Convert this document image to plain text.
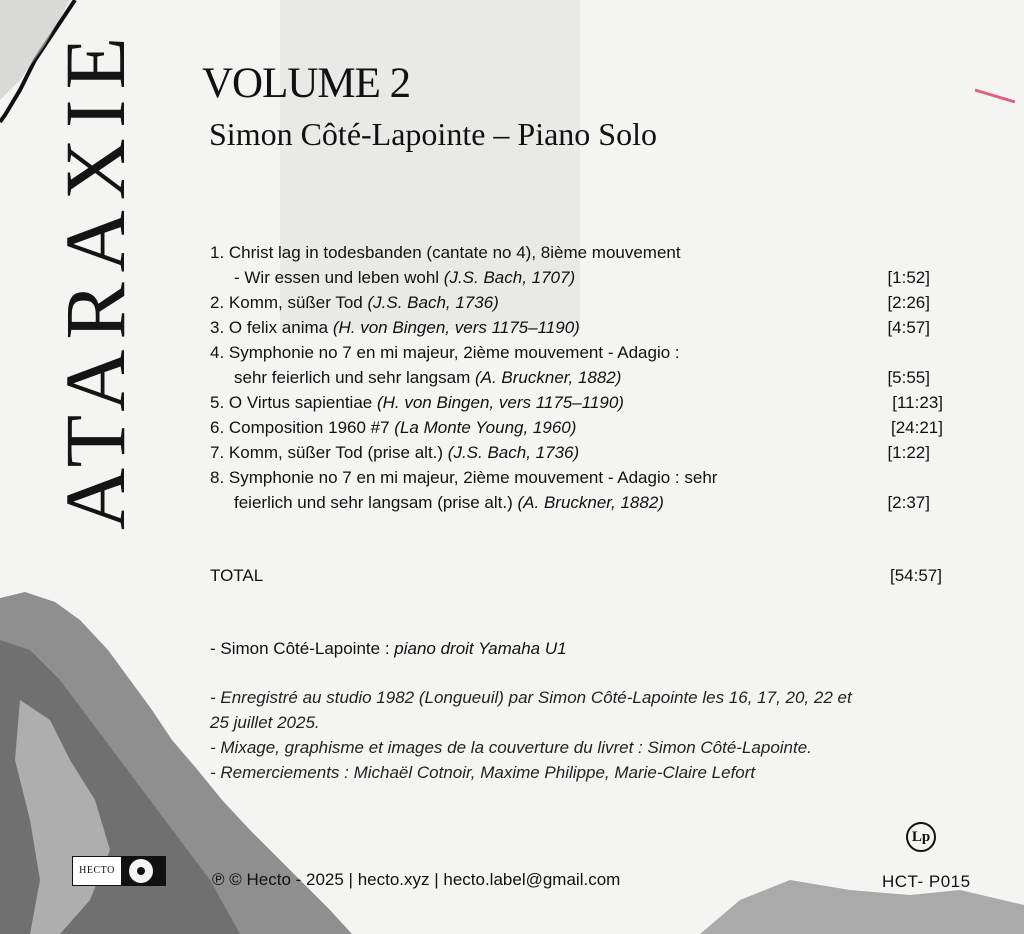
ATARAXIE VOLUME 2
Simon Côté-Lapointe – Piano Solo
1. Christ lag in todesbanden (cantate no 4), 8ième mouvement
- Wir essen und leben wohl (J.S. Bach, 1707)	[1:52]
2. Komm, süßer Tod (J.S. Bach, 1736)	[2:26]
3. O felix anima (H. von Bingen, vers 1175–1190)	[4:57]
4. Symphonie no 7 en mi majeur, 2ième mouvement - Adagio :
sehr feierlich und sehr langsam (A. Bruckner, 1882)	[5:55]
5. O Virtus sapientiae (H. von Bingen, vers 1175–1190)	[11:23]
6. Composition 1960 #7 (La Monte Young, 1960)	[24:21]
7. Komm, süßer Tod (prise alt.) (J.S. Bach, 1736)	[1:22]
8. Symphonie no 7 en mi majeur, 2ième mouvement - Adagio : sehr
feierlich und sehr langsam (prise alt.) (A. Bruckner, 1882)	[2:37]
TOTAL	[54:57]
- Simon Côté-Lapointe : piano droit Yamaha U1
- Enregistré au studio 1982 (Longueuil) par Simon Côté-Lapointe les 16, 17, 20, 22 et
25 juillet 2025.
- Mixage, graphisme et images de la couverture du livret : Simon Côté-Lapointe.
- Remerciements : Michaël Cotnoir, Maxime Philippe, Marie-Claire Lefort
HECTO	℗ © Hecto - 2025 | hecto.xyz | hecto.label@gmail.com
Lp
HCT- P015
